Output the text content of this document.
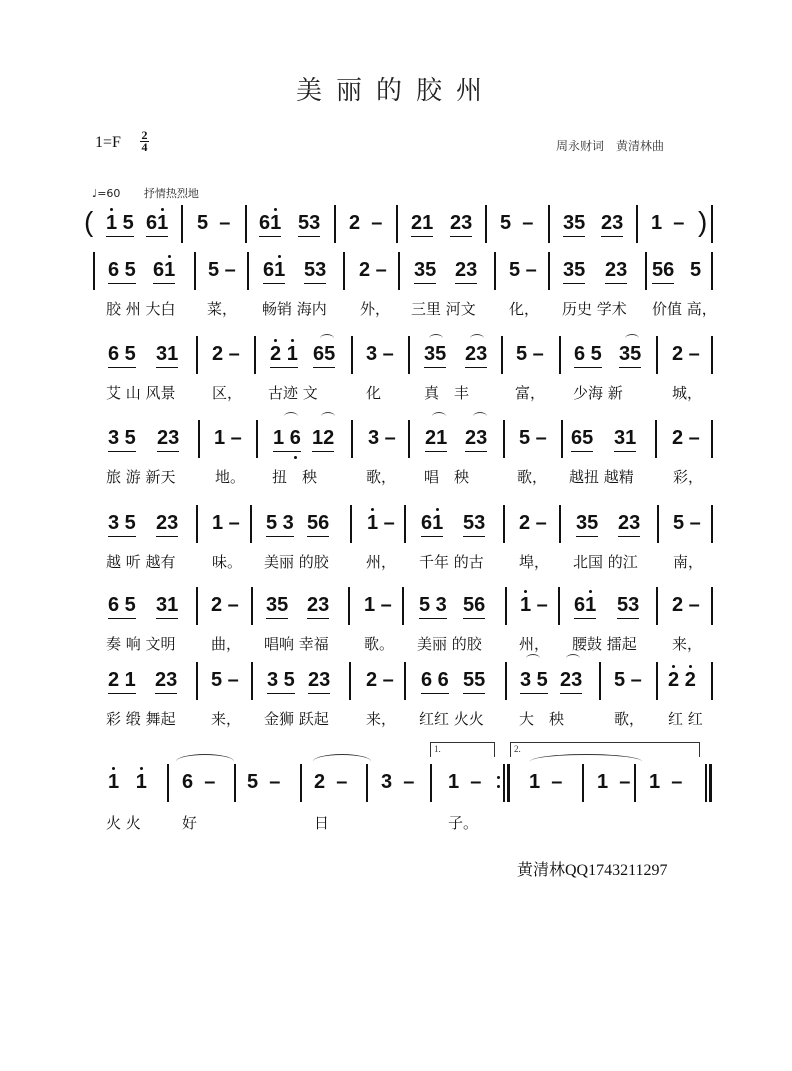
美丽的胶州
1=F 2
4	周永财词　黄清林曲
♩=60 抒情热烈地
( 1 5 61 5  – 61 53 2  – 21 23 5  – 35 23 1  – )
6 5 61
胶 州 大白
5 –
菜，
61 53
畅销 海内
2 –
外，
35 23
三里 河文
5 –
化，
35 23
历史 学术
56 5
价值 高，
6 5 31
艾 山 风景
2 –
区，
2 1 65
古迹 文
3 –
化
35 23
真　丰
5 –
富，
6 5 35
少海 新
2 –
城，
3 5 23
旅 游 新天
1 –
地。
1 6 12
扭　秧
3 –
歌，
21 23
唱　秧
5 –
歌，
65 31
越扭 越精
2 –
彩，
3 5 23
越 听 越有
1 –
味。
5 3 56
美丽 的胶
1 –
州，
61 53
千年 的古
2 –
埠，
35 23
北国 的江
5 –
南，
6 5 31
奏 响 文明
2 –
曲，
35 23
唱响 幸福
1 –
歌。
5 3 56
美丽 的胶
1 –
州，
61 53
腰鼓 擂起
2 –
来，
2 1 23
彩 缎 舞起
5 –
来，
3 5 23
金狮 跃起
2 –
来，
6 6 55
红红 火火
3 5 23
大　秧
5 –
歌，
2 2
红 红
1 1
火 火
6  –
好
5  – 2  –
日
3  –
1.
1  –
子。
2.
1  – 1  – 1  –
黄清林QQ1743211297
